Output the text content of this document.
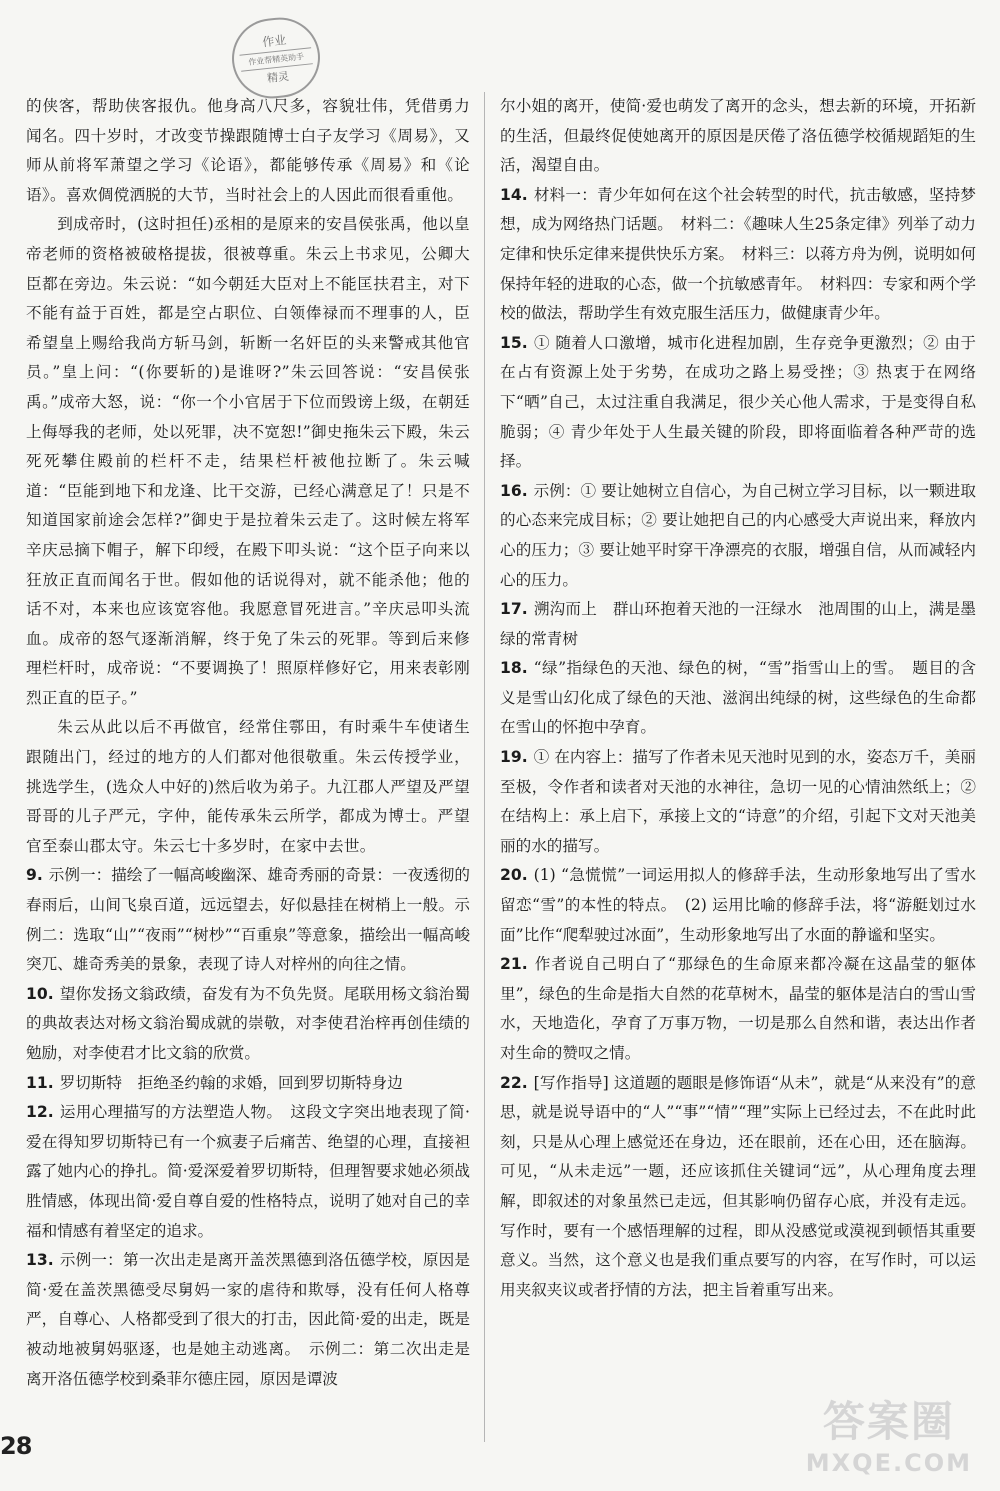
作业
作业帮精英助手
精灵

的侠客，帮助侠客报仇。他身高八尺多，容貌壮伟，凭借勇力闻名。四十岁时，才改变节操跟随博士白子友学习《周易》，又师从前将军萧望之学习《论语》，都能够传承《周易》和《论语》。喜欢倜傥洒脱的大节，当时社会上的人因此而很看重他。

到成帝时，(这时担任)丞相的是原来的安昌侯张禹，他以皇帝老师的资格被破格提拔，很被尊重。朱云上书求见，公卿大臣都在旁边。朱云说：“如今朝廷大臣对上不能匡扶君主，对下不能有益于百姓，都是空占职位、白领俸禄而不理事的人，臣希望皇上赐给我尚方斩马剑，斩断一名奸臣的头来警戒其他官员。”皇上问：“(你要斩的)是谁呀?”朱云回答说：“安昌侯张禹。”成帝大怒，说：“你一个小官居于下位而毁谤上级，在朝廷上侮辱我的老师，处以死罪，决不宽恕!”御史拖朱云下殿，朱云死死攀住殿前的栏杆不走，结果栏杆被他拉断了。朱云喊道：“臣能到地下和龙逢、比干交游，已经心满意足了！只是不知道国家前途会怎样?”御史于是拉着朱云走了。这时候左将军辛庆忌摘下帽子，解下印绶，在殿下叩头说：“这个臣子向来以狂放正直而闻名于世。假如他的话说得对，就不能杀他；他的话不对，本来也应该宽容他。我愿意冒死进言。”辛庆忌叩头流血。成帝的怒气逐渐消解，终于免了朱云的死罪。等到后来修理栏杆时，成帝说：“不要调换了！照原样修好它，用来表彰刚烈正直的臣子。”

朱云从此以后不再做官，经常住鄠田，有时乘牛车使诸生跟随出门，经过的地方的人们都对他很敬重。朱云传授学业，挑选学生，(选众人中好的)然后收为弟子。九江郡人严望及严望哥哥的儿子严元，字仲，能传承朱云所学，都成为博士。严望官至泰山郡太守。朱云七十多岁时，在家中去世。

9. 示例一：描绘了一幅高峻幽深、雄奇秀丽的奇景：一夜透彻的春雨后，山间飞泉百道，远远望去，好似悬挂在树梢上一般。示例二：选取“山”“夜雨”“树杪”“百重泉”等意象，描绘出一幅高峻突兀、雄奇秀美的景象，表现了诗人对梓州的向往之情。

10. 望你发扬文翁政绩，奋发有为不负先贤。尾联用杨文翁治蜀的典故表达对杨文翁治蜀成就的崇敬，对李使君治梓再创佳绩的勉励，对李使君才比文翁的欣赏。

11. 罗切斯特　拒绝圣约翰的求婚，回到罗切斯特身边

12. 运用心理描写的方法塑造人物。　这段文字突出地表现了简·爱在得知罗切斯特已有一个疯妻子后痛苦、绝望的心理，直接袒露了她内心的挣扎。简·爱深爱着罗切斯特，但理智要求她必须战胜情感，体现出简·爱自尊自爱的性格特点，说明了她对自己的幸福和情感有着坚定的追求。

13. 示例一：第一次出走是离开盖茨黑德到洛伍德学校，原因是简·爱在盖茨黑德受尽舅妈一家的虐待和欺辱，没有任何人格尊严，自尊心、人格都受到了很大的打击，因此简·爱的出走，既是被动地被舅妈驱逐，也是她主动逃离。　示例二：第二次出走是离开洛伍德学校到桑菲尔德庄园，原因是谭波

尔小姐的离开，使简·爱也萌发了离开的念头，想去新的环境，开拓新的生活，但最终促使她离开的原因是厌倦了洛伍德学校循规蹈矩的生活，渴望自由。

14. 材料一：青少年如何在这个社会转型的时代，抗击敏感，坚持梦想，成为网络热门话题。　材料二：《趣味人生25条定律》列举了动力定律和快乐定律来提供快乐方案。　材料三：以蒋方舟为例，说明如何保持年轻的进取的心态，做一个抗敏感青年。　材料四：专家和两个学校的做法，帮助学生有效克服生活压力，做健康青少年。

15. ① 随着人口激增，城市化进程加剧，生存竞争更激烈；② 由于在占有资源上处于劣势，在成功之路上易受挫；③ 热衷于在网络下“晒”自己，太过注重自我满足，很少关心他人需求，于是变得自私脆弱；④ 青少年处于人生最关键的阶段，即将面临着各种严苛的选择。

16. 示例：① 要让她树立自信心，为自己树立学习目标，以一颗进取的心态来完成目标；② 要让她把自己的内心感受大声说出来，释放内心的压力；③ 要让她平时穿干净漂亮的衣服，增强自信，从而减轻内心的压力。

17. 溯沟而上　群山环抱着天池的一汪绿水　池周围的山上，满是墨绿的常青树

18. “绿”指绿色的天池、绿色的树，“雪”指雪山上的雪。　题目的含义是雪山幻化成了绿色的天池、滋润出纯绿的树，这些绿色的生命都在雪山的怀抱中孕育。

19. ① 在内容上：描写了作者未见天池时见到的水，姿态万千，美丽至极，令作者和读者对天池的水神往，急切一见的心情油然纸上；② 在结构上：承上启下，承接上文的“诗意”的介绍，引起下文对天池美丽的水的描写。

20. (1) “急慌慌”一词运用拟人的修辞手法，生动形象地写出了雪水留恋“雪”的本性的特点。　(2) 运用比喻的修辞手法，将“游艇划过水面”比作“爬犁驶过冰面”，生动形象地写出了水面的静谧和坚实。

21. 作者说自己明白了“那绿色的生命原来都冷凝在这晶莹的躯体里”，绿色的生命是指大自然的花草树木，晶莹的躯体是洁白的雪山雪水，天地造化，孕育了万事万物，一切是那么自然和谐，表达出作者对生命的赞叹之情。

22. [写作指导] 这道题的题眼是修饰语“从未”，就是“从来没有”的意思，就是说导语中的“人”“事”“情”“理”实际上已经过去，不在此时此刻，只是从心理上感觉还在身边，还在眼前，还在心田，还在脑海。可见，“从未走远”一题，还应该抓住关键词“远”，从心理角度去理解，即叙述的对象虽然已走远，但其影响仍留存心底，并没有走远。写作时，要有一个感悟理解的过程，即从没感觉或漠视到顿悟其重要意义。当然，这个意义也是我们重点要写的内容，在写作时，可以运用夹叙夹议或者抒情的方法，把主旨着重写出来。

28	答案圈
MXQE.COM
